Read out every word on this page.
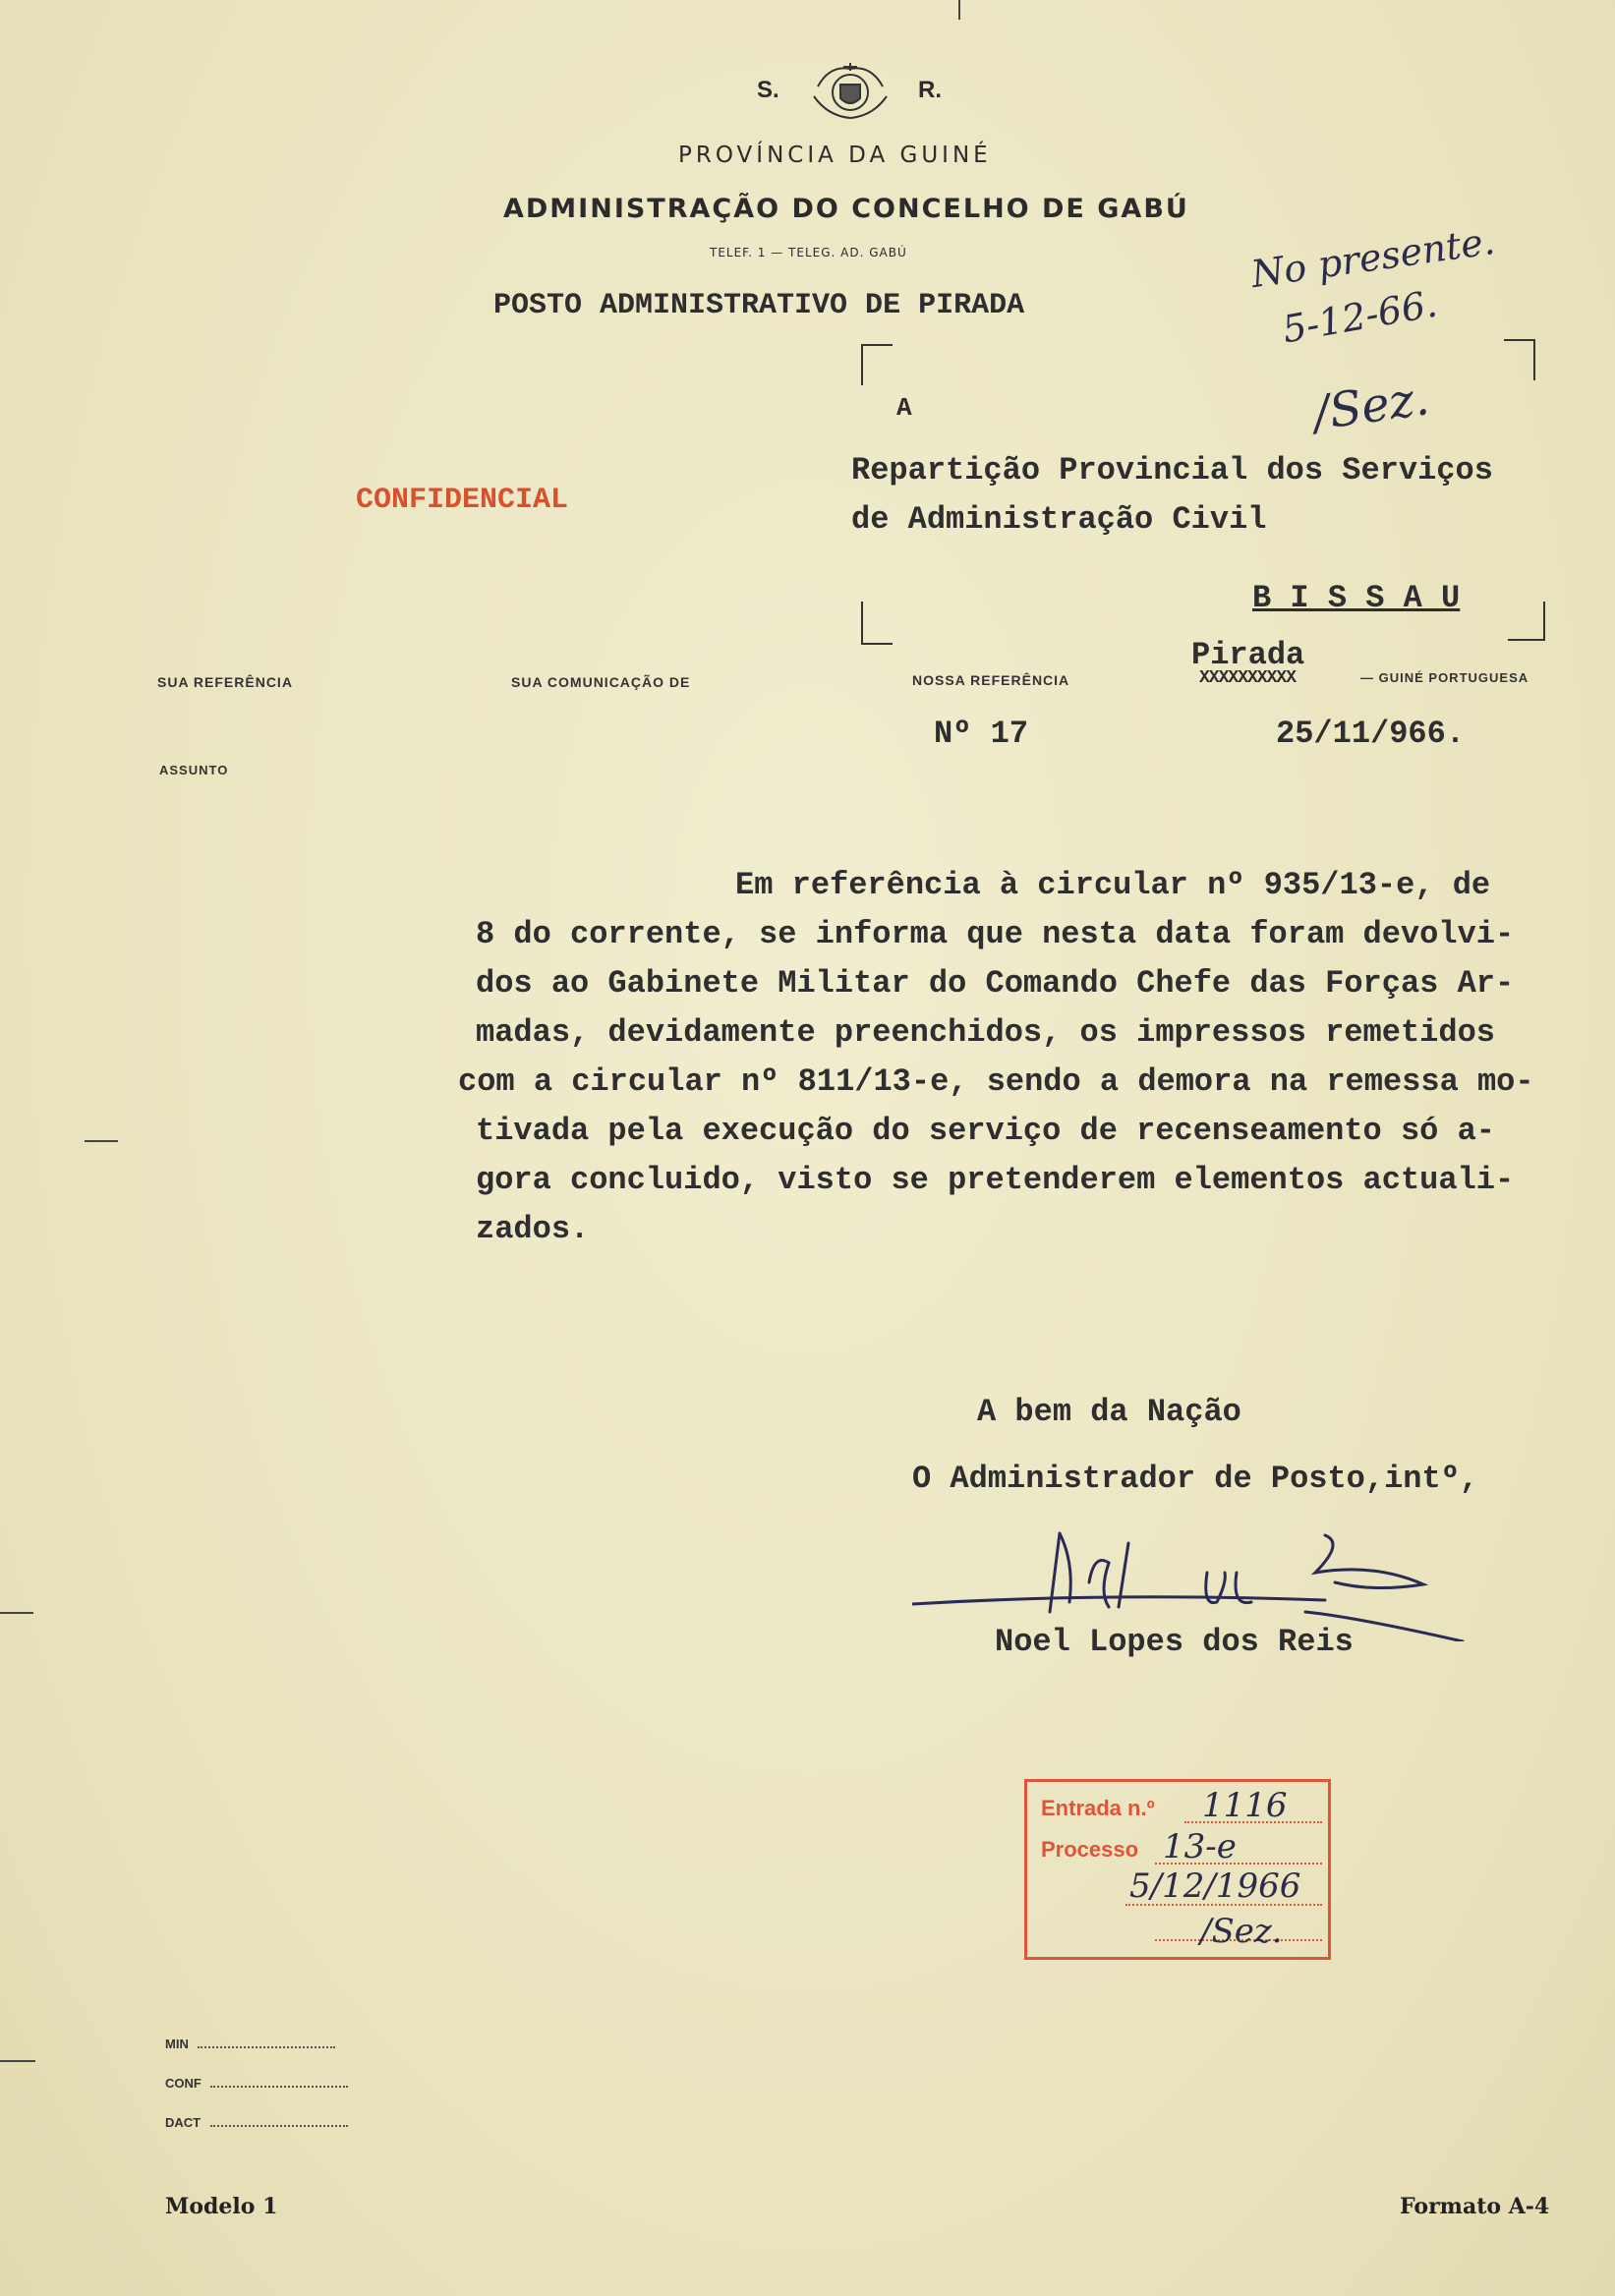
S.	R.
PROVÍNCIA DA GUINÉ
ADMINISTRAÇÃO DO CONCELHO DE GABÚ
TELEF. 1 — TELEG. AD. GABÚ
POSTO ADMINISTRATIVO DE PIRADA
No presente.
5-12-66.
/Sez.
A
Repartição Provincial dos Serviços
de Administração Civil
B I S S A U
CONFIDENCIAL
SUA REFERÊNCIA	SUA COMUNICAÇÃO DE	NOSSA REFERÊNCIA
Pirada
XXXXXXXXXX	— GUINÉ PORTUGUESA
Nº 17	25/11/966.
ASSUNTO
Em referência à circular nº 935/13-e, de
8 do corrente, se informa que nesta data foram devolvi-
dos ao Gabinete Militar do Comando Chefe das Forças Ar-
madas, devidamente preenchidos, os impressos remetidos
com a circular nº 811/13-e, sendo a demora na remessa mo-
tivada pela execução do serviço de recenseamento só a-
gora concluido, visto se pretenderem elementos actuali-
zados.
A bem da Nação
O Administrador de Posto,intº,
Noel Lopes dos Reis
Entrada n.º 1116
Processo 13-e
5/12/1966
/Sez.
MIN
CONF
DACT
Modelo 1	Formato A-4
